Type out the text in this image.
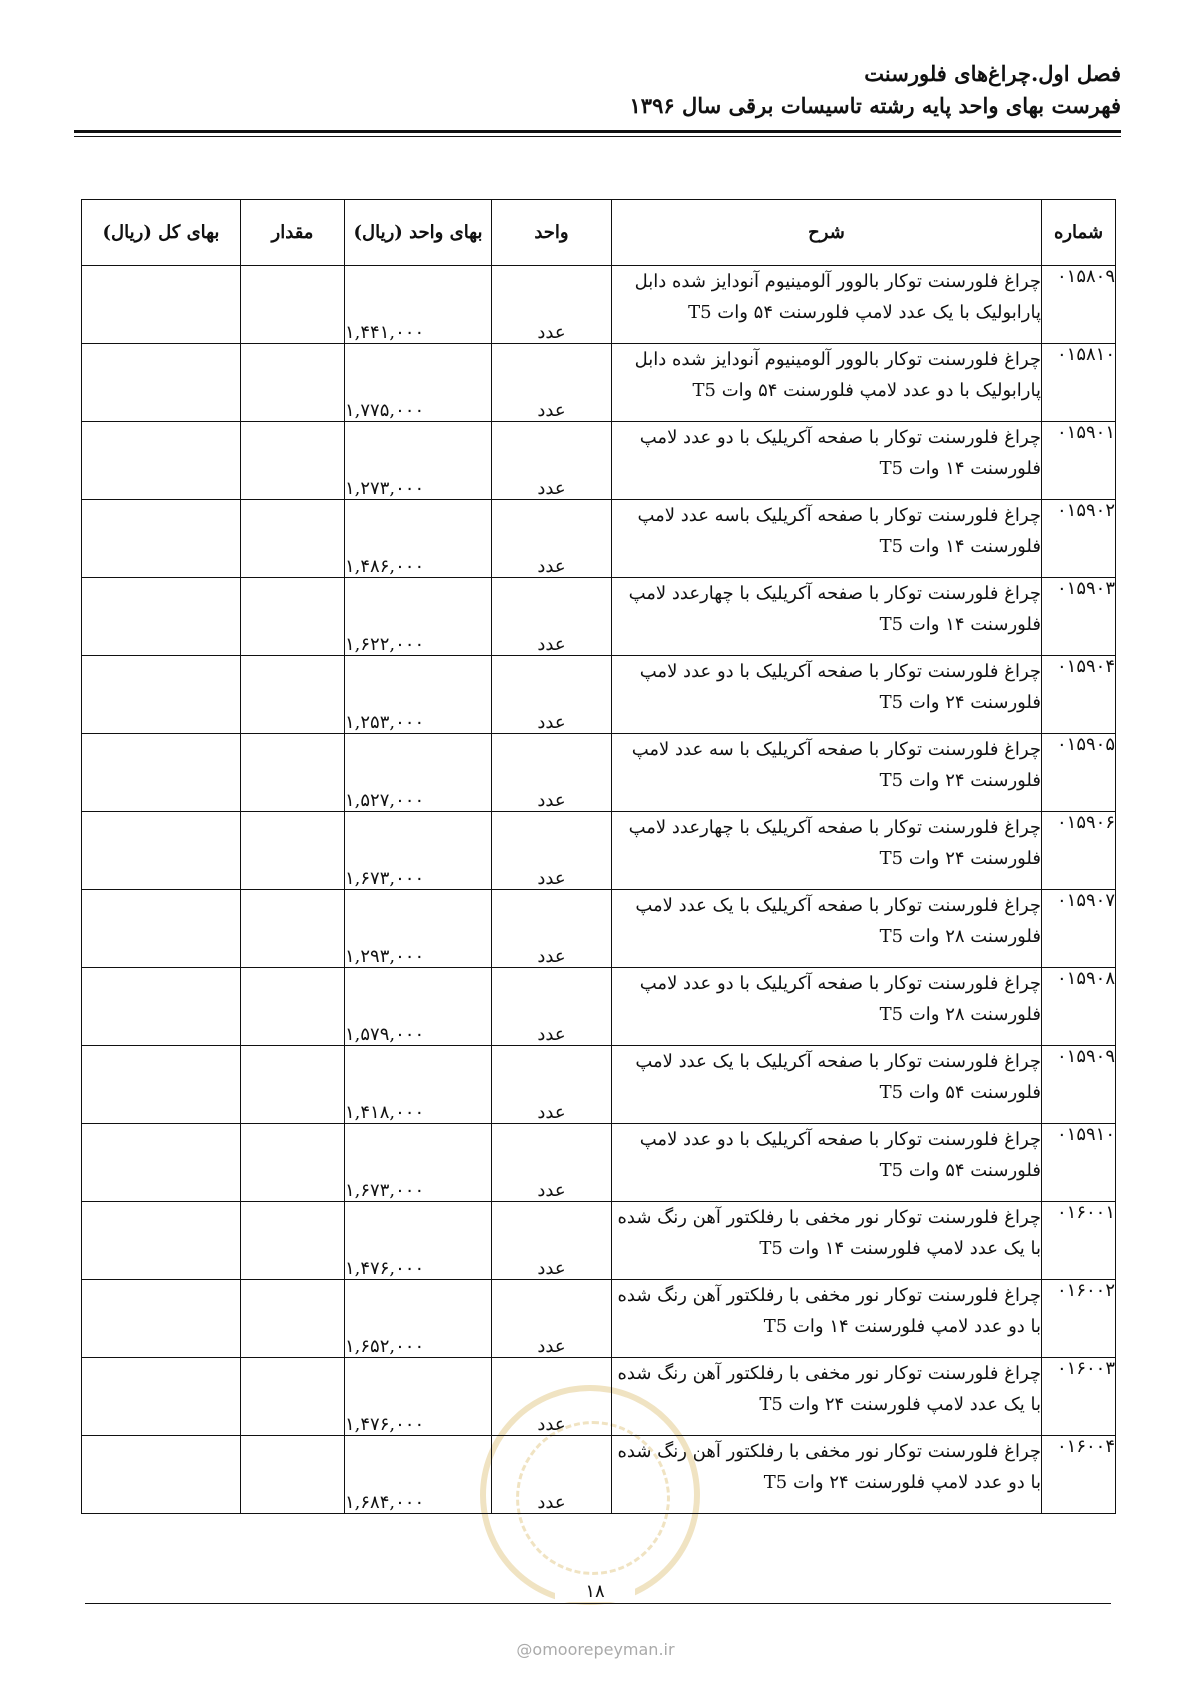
فصل اول.چراغ‌های فلورسنت
فهرست بهای واحد پایه رشته تاسیسات برقی سال ۱۳۹۶
شماره	شرح	واحد	بهای واحد (ریال)	مقدار	بهای کل (ریال)
۰۱۵۸۰۹	چراغ فلورسنت توکار بالوور آلومینیوم آنودایز شده دابل
پارابولیک با یک عدد لامپ فلورسنت ۵۴ وات T5	عدد	۱,۴۴۱,۰۰۰		
۰۱۵۸۱۰	چراغ فلورسنت توکار بالوور آلومینیوم آنودایز شده دابل
پارابولیک با دو عدد لامپ فلورسنت ۵۴ وات T5	عدد	۱,۷۷۵,۰۰۰		
۰۱۵۹۰۱	چراغ فلورسنت توکار با صفحه آکریلیک با دو عدد لامپ
فلورسنت ۱۴ وات T5	عدد	۱,۲۷۳,۰۰۰		
۰۱۵۹۰۲	چراغ فلورسنت توکار با صفحه آکریلیک باسه عدد لامپ
فلورسنت ۱۴ وات T5	عدد	۱,۴۸۶,۰۰۰		
۰۱۵۹۰۳	چراغ فلورسنت توکار با صفحه آکریلیک با چهارعدد لامپ
فلورسنت ۱۴ وات T5	عدد	۱,۶۲۲,۰۰۰		
۰۱۵۹۰۴	چراغ فلورسنت توکار با صفحه آکریلیک با دو عدد لامپ
فلورسنت ۲۴ وات T5	عدد	۱,۲۵۳,۰۰۰		
۰۱۵۹۰۵	چراغ فلورسنت توکار با صفحه آکریلیک با سه عدد لامپ
فلورسنت ۲۴ وات T5	عدد	۱,۵۲۷,۰۰۰		
۰۱۵۹۰۶	چراغ فلورسنت توکار با صفحه آکریلیک با چهارعدد لامپ
فلورسنت ۲۴ وات T5	عدد	۱,۶۷۳,۰۰۰		
۰۱۵۹۰۷	چراغ فلورسنت توکار با صفحه آکریلیک با یک عدد لامپ
فلورسنت ۲۸ وات T5	عدد	۱,۲۹۳,۰۰۰		
۰۱۵۹۰۸	چراغ فلورسنت توکار با صفحه آکریلیک با دو عدد لامپ
فلورسنت ۲۸ وات T5	عدد	۱,۵۷۹,۰۰۰		
۰۱۵۹۰۹	چراغ فلورسنت توکار با صفحه آکریلیک با یک عدد لامپ
فلورسنت ۵۴ وات T5	عدد	۱,۴۱۸,۰۰۰		
۰۱۵۹۱۰	چراغ فلورسنت توکار با صفحه آکریلیک با دو عدد لامپ
فلورسنت ۵۴ وات T5	عدد	۱,۶۷۳,۰۰۰		
۰۱۶۰۰۱	چراغ فلورسنت توکار نور مخفی با رفلکتور آهن رنگ شده
با یک عدد لامپ فلورسنت ۱۴ وات T5	عدد	۱,۴۷۶,۰۰۰		
۰۱۶۰۰۲	چراغ فلورسنت توکار نور مخفی با رفلکتور آهن رنگ شده
با دو عدد لامپ فلورسنت ۱۴ وات T5	عدد	۱,۶۵۲,۰۰۰		
۰۱۶۰۰۳	چراغ فلورسنت توکار نور مخفی با رفلکتور آهن رنگ شده
با یک عدد لامپ فلورسنت ۲۴ وات T5	عدد	۱,۴۷۶,۰۰۰		
۰۱۶۰۰۴	چراغ فلورسنت توکار نور مخفی با رفلکتور آهن رنگ شده
با دو عدد لامپ فلورسنت ۲۴ وات T5	عدد	۱,۶۸۴,۰۰۰		
۱۸
@omoorepeyman.ir
